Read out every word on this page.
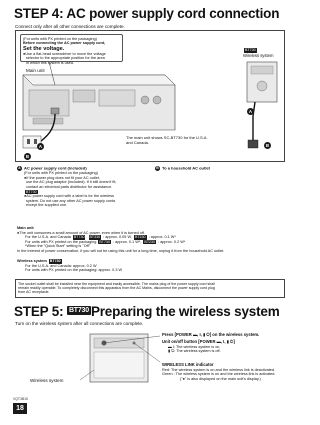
STEP 4: AC power supply cord connection
Connect only after all other connections are complete.
(For units with PX printed on the packaging)
Before connecting the AC power supply cord,
Set the voltage.
●Use a flat-head screwdriver to move the voltage
selector to the appropriate position for the area
in which this system is used.
Main unit
A
B
A
B
BT730
Wireless system
The main unit shows SC-BT730 for the U.S.A.
and Canada.
A AC power supply cord (included)
(For units with PX printed on the packaging)
●If the power plug does not fit your AC outlet,
use the AC plug adaptor (included). If it still doesn't fit,
contact an electrical parts distributor for assistance.
BT730
●AC power supply cord with a label is for the wireless
system. Do not use any other AC power supply cords
except the supplied one.
B To a household AC outlet
Main unit
●The unit consumes a small amount of AC power, even when it is turned off.
For the U.S.A. and Canada BT730 BT330 : approx. 0.05 W, BT230 : approx. 0.1 W*
For units with PX printed on the packaging BT730 : approx. 0.1 W*, BT230 : approx. 0.2 W*
*When the "Quick Start" setting is "Off"
In the interest of power conservation, if you will not be using this unit for a long time, unplug it from the household AC outlet.
Wireless system BT730
For the U.S.A. and Canada: approx. 0.2 W
For units with PX printed on the packaging: approx. 0.3 W
The socket outlet shall be installed near the equipment and easily accessible. The mains plug of the power supply cord shall
remain readily operable. To completely disconnect this apparatus from the AC Mains, disconnect the power supply cord plug
from AC receptacle.
STEP 5: BT730 Preparing the wireless system
Turn on the wireless system after all connections are complete.
Wireless system
Press [POWER ▬, I, ▮ ⏻] on the wireless system.
Unit on/off button [POWER ▬, I, ▮ ⏻]
▬ I: The wireless system is on.
▮ ⏻: The wireless system is off.
WIRELESS LINK indicator
Red: The wireless system is on and the wireless link is deactivated.
Green : The wireless system is on and the wireless link is activated.
("●" is also displayed on the main unit's display.)
VQT3B15
18
